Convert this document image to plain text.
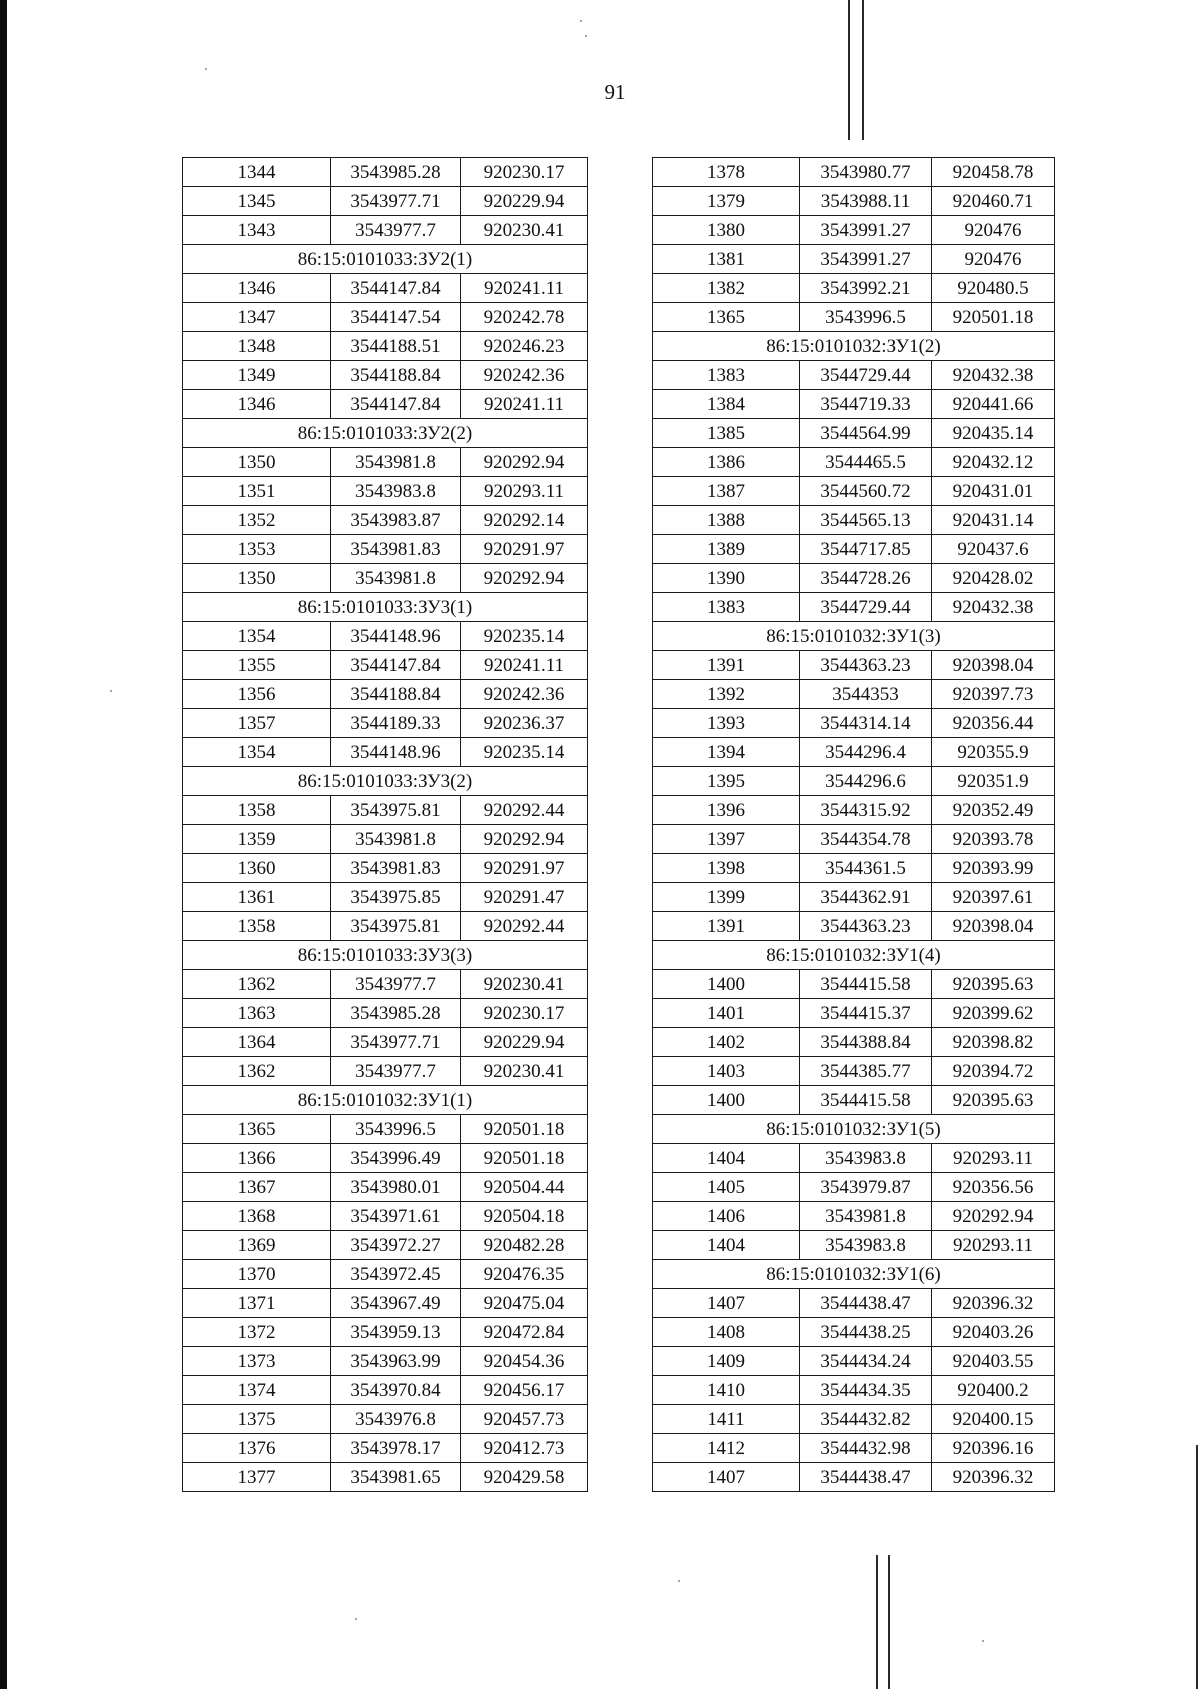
91
1344	3543985.28	920230.17
1345	3543977.71	920229.94
1343	3543977.7	920230.41
86:15:0101033:ЗУ2(1)		
1346	3544147.84	920241.11
1347	3544147.54	920242.78
1348	3544188.51	920246.23
1349	3544188.84	920242.36
1346	3544147.84	920241.11
86:15:0101033:ЗУ2(2)		
1350	3543981.8	920292.94
1351	3543983.8	920293.11
1352	3543983.87	920292.14
1353	3543981.83	920291.97
1350	3543981.8	920292.94
86:15:0101033:ЗУ3(1)		
1354	3544148.96	920235.14
1355	3544147.84	920241.11
1356	3544188.84	920242.36
1357	3544189.33	920236.37
1354	3544148.96	920235.14
86:15:0101033:ЗУ3(2)		
1358	3543975.81	920292.44
1359	3543981.8	920292.94
1360	3543981.83	920291.97
1361	3543975.85	920291.47
1358	3543975.81	920292.44
86:15:0101033:ЗУ3(3)		
1362	3543977.7	920230.41
1363	3543985.28	920230.17
1364	3543977.71	920229.94
1362	3543977.7	920230.41
86:15:0101032:ЗУ1(1)		
1365	3543996.5	920501.18
1366	3543996.49	920501.18
1367	3543980.01	920504.44
1368	3543971.61	920504.18
1369	3543972.27	920482.28
1370	3543972.45	920476.35
1371	3543967.49	920475.04
1372	3543959.13	920472.84
1373	3543963.99	920454.36
1374	3543970.84	920456.17
1375	3543976.8	920457.73
1376	3543978.17	920412.73
1377	3543981.65	920429.58
1378	3543980.77	920458.78
1379	3543988.11	920460.71
1380	3543991.27	920476
1381	3543991.27	920476
1382	3543992.21	920480.5
1365	3543996.5	920501.18
86:15:0101032:ЗУ1(2)		
1383	3544729.44	920432.38
1384	3544719.33	920441.66
1385	3544564.99	920435.14
1386	3544465.5	920432.12
1387	3544560.72	920431.01
1388	3544565.13	920431.14
1389	3544717.85	920437.6
1390	3544728.26	920428.02
1383	3544729.44	920432.38
86:15:0101032:ЗУ1(3)		
1391	3544363.23	920398.04
1392	3544353	920397.73
1393	3544314.14	920356.44
1394	3544296.4	920355.9
1395	3544296.6	920351.9
1396	3544315.92	920352.49
1397	3544354.78	920393.78
1398	3544361.5	920393.99
1399	3544362.91	920397.61
1391	3544363.23	920398.04
86:15:0101032:ЗУ1(4)		
1400	3544415.58	920395.63
1401	3544415.37	920399.62
1402	3544388.84	920398.82
1403	3544385.77	920394.72
1400	3544415.58	920395.63
86:15:0101032:ЗУ1(5)		
1404	3543983.8	920293.11
1405	3543979.87	920356.56
1406	3543981.8	920292.94
1404	3543983.8	920293.11
86:15:0101032:ЗУ1(6)		
1407	3544438.47	920396.32
1408	3544438.25	920403.26
1409	3544434.24	920403.55
1410	3544434.35	920400.2
1411	3544432.82	920400.15
1412	3544432.98	920396.16
1407	3544438.47	920396.32
